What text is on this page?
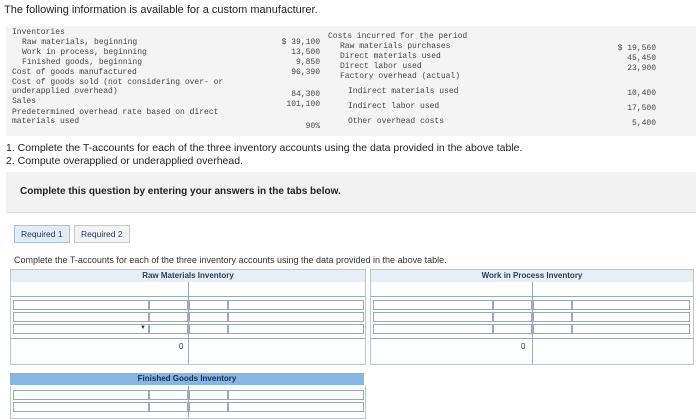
The following information is available for a custom manufacturer.
Inventories
Raw materials, beginning	$ 39,100
Work in process, beginning	13,500
Finished goods, beginning	9,850
Cost of goods manufactured	96,390
Cost of goods sold (not considering over- or
underapplied overhead)	84,300
Sales	101,100
Predetermined overhead rate based on direct
materials used
90%
Costs incurred for the period
Raw materials purchases	$ 19,560
Direct materials used	45,450
Direct labor used	23,900
Factory overhead (actual)
Indirect materials used	10,400
Indirect labor used	17,500
Other overhead costs	5,400
1. Complete the T-accounts for each of the three inventory accounts using the data provided in the above table.
2. Compute overapplied or underapplied overhead.
Complete this question by entering your answers in the tabs below.
Required 1	Required 2
Complete the T-accounts for each of the three inventory accounts using the data provided in the above table.
Raw Materials Inventory
▼
0
Work in Process Inventory
0
Finished Goods Inventory
